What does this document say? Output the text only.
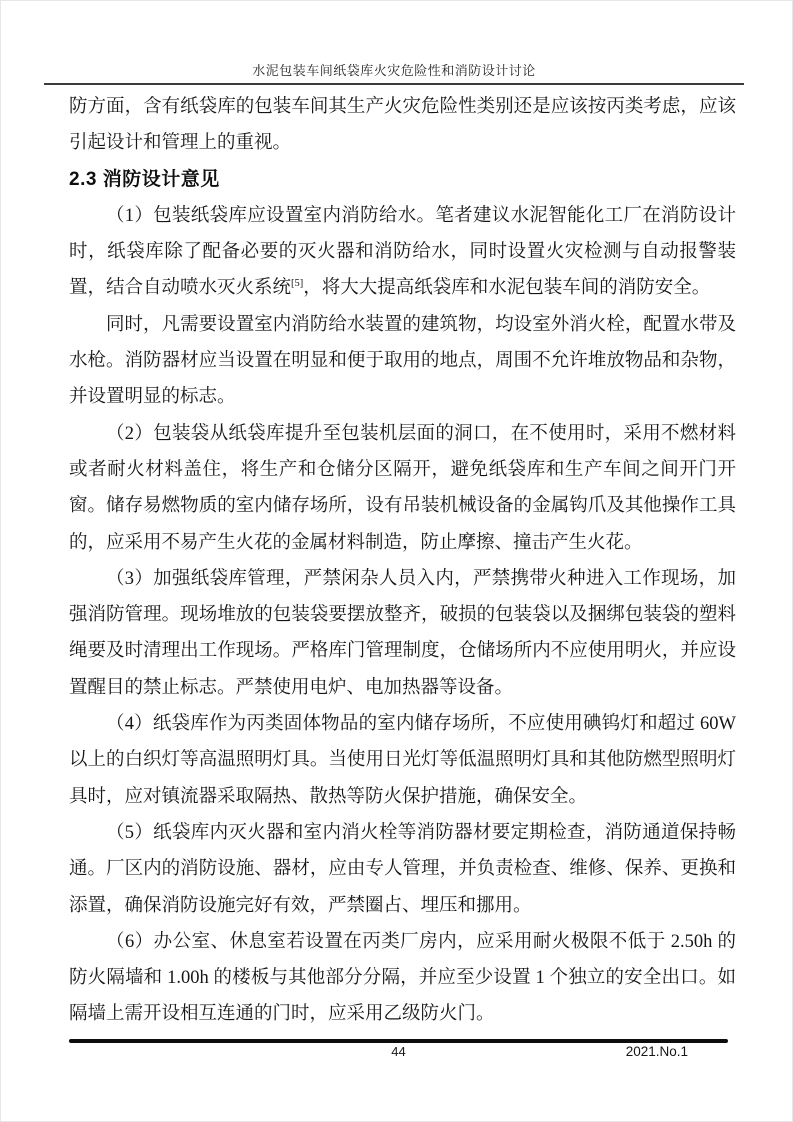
水泥包装车间纸袋库火灾危险性和消防设计讨论

防方面，含有纸袋库的包装车间其生产火灾危险性类别还是应该按丙类考虑，应该引起设计和管理上的重视。

2.3 消防设计意见

（1）包装纸袋库应设置室内消防给水。笔者建议水泥智能化工厂在消防设计时，纸袋库除了配备必要的灭火器和消防给水，同时设置火灾检测与自动报警装置，结合自动喷水灭火系统[5]，将大大提高纸袋库和水泥包装车间的消防安全。

同时，凡需要设置室内消防给水装置的建筑物，均设室外消火栓，配置水带及水枪。消防器材应当设置在明显和便于取用的地点，周围不允许堆放物品和杂物，并设置明显的标志。

（2）包装袋从纸袋库提升至包装机层面的洞口，在不使用时，采用不燃材料或者耐火材料盖住，将生产和仓储分区隔开，避免纸袋库和生产车间之间开门开窗。储存易燃物质的室内储存场所，设有吊装机械设备的金属钩爪及其他操作工具的，应采用不易产生火花的金属材料制造，防止摩擦、撞击产生火花。

（3）加强纸袋库管理，严禁闲杂人员入内，严禁携带火种进入工作现场，加强消防管理。现场堆放的包装袋要摆放整齐，破损的包装袋以及捆绑包装袋的塑料绳要及时清理出工作现场。严格库门管理制度，仓储场所内不应使用明火，并应设置醒目的禁止标志。严禁使用电炉、电加热器等设备。

（4）纸袋库作为丙类固体物品的室内储存场所，不应使用碘钨灯和超过 60W 以上的白织灯等高温照明灯具。当使用日光灯等低温照明灯具和其他防燃型照明灯具时，应对镇流器采取隔热、散热等防火保护措施，确保安全。

（5）纸袋库内灭火器和室内消火栓等消防器材要定期检查，消防通道保持畅通。厂区内的消防设施、器材，应由专人管理，并负责检查、维修、保养、更换和添置，确保消防设施完好有效，严禁圈占、埋压和挪用。

（6）办公室、休息室若设置在丙类厂房内，应采用耐火极限不低于 2.50h 的防火隔墙和 1.00h 的楼板与其他部分分隔，并应至少设置 1 个独立的安全出口。如隔墙上需开设相互连通的门时，应采用乙级防火门。

44	2021.No.1
